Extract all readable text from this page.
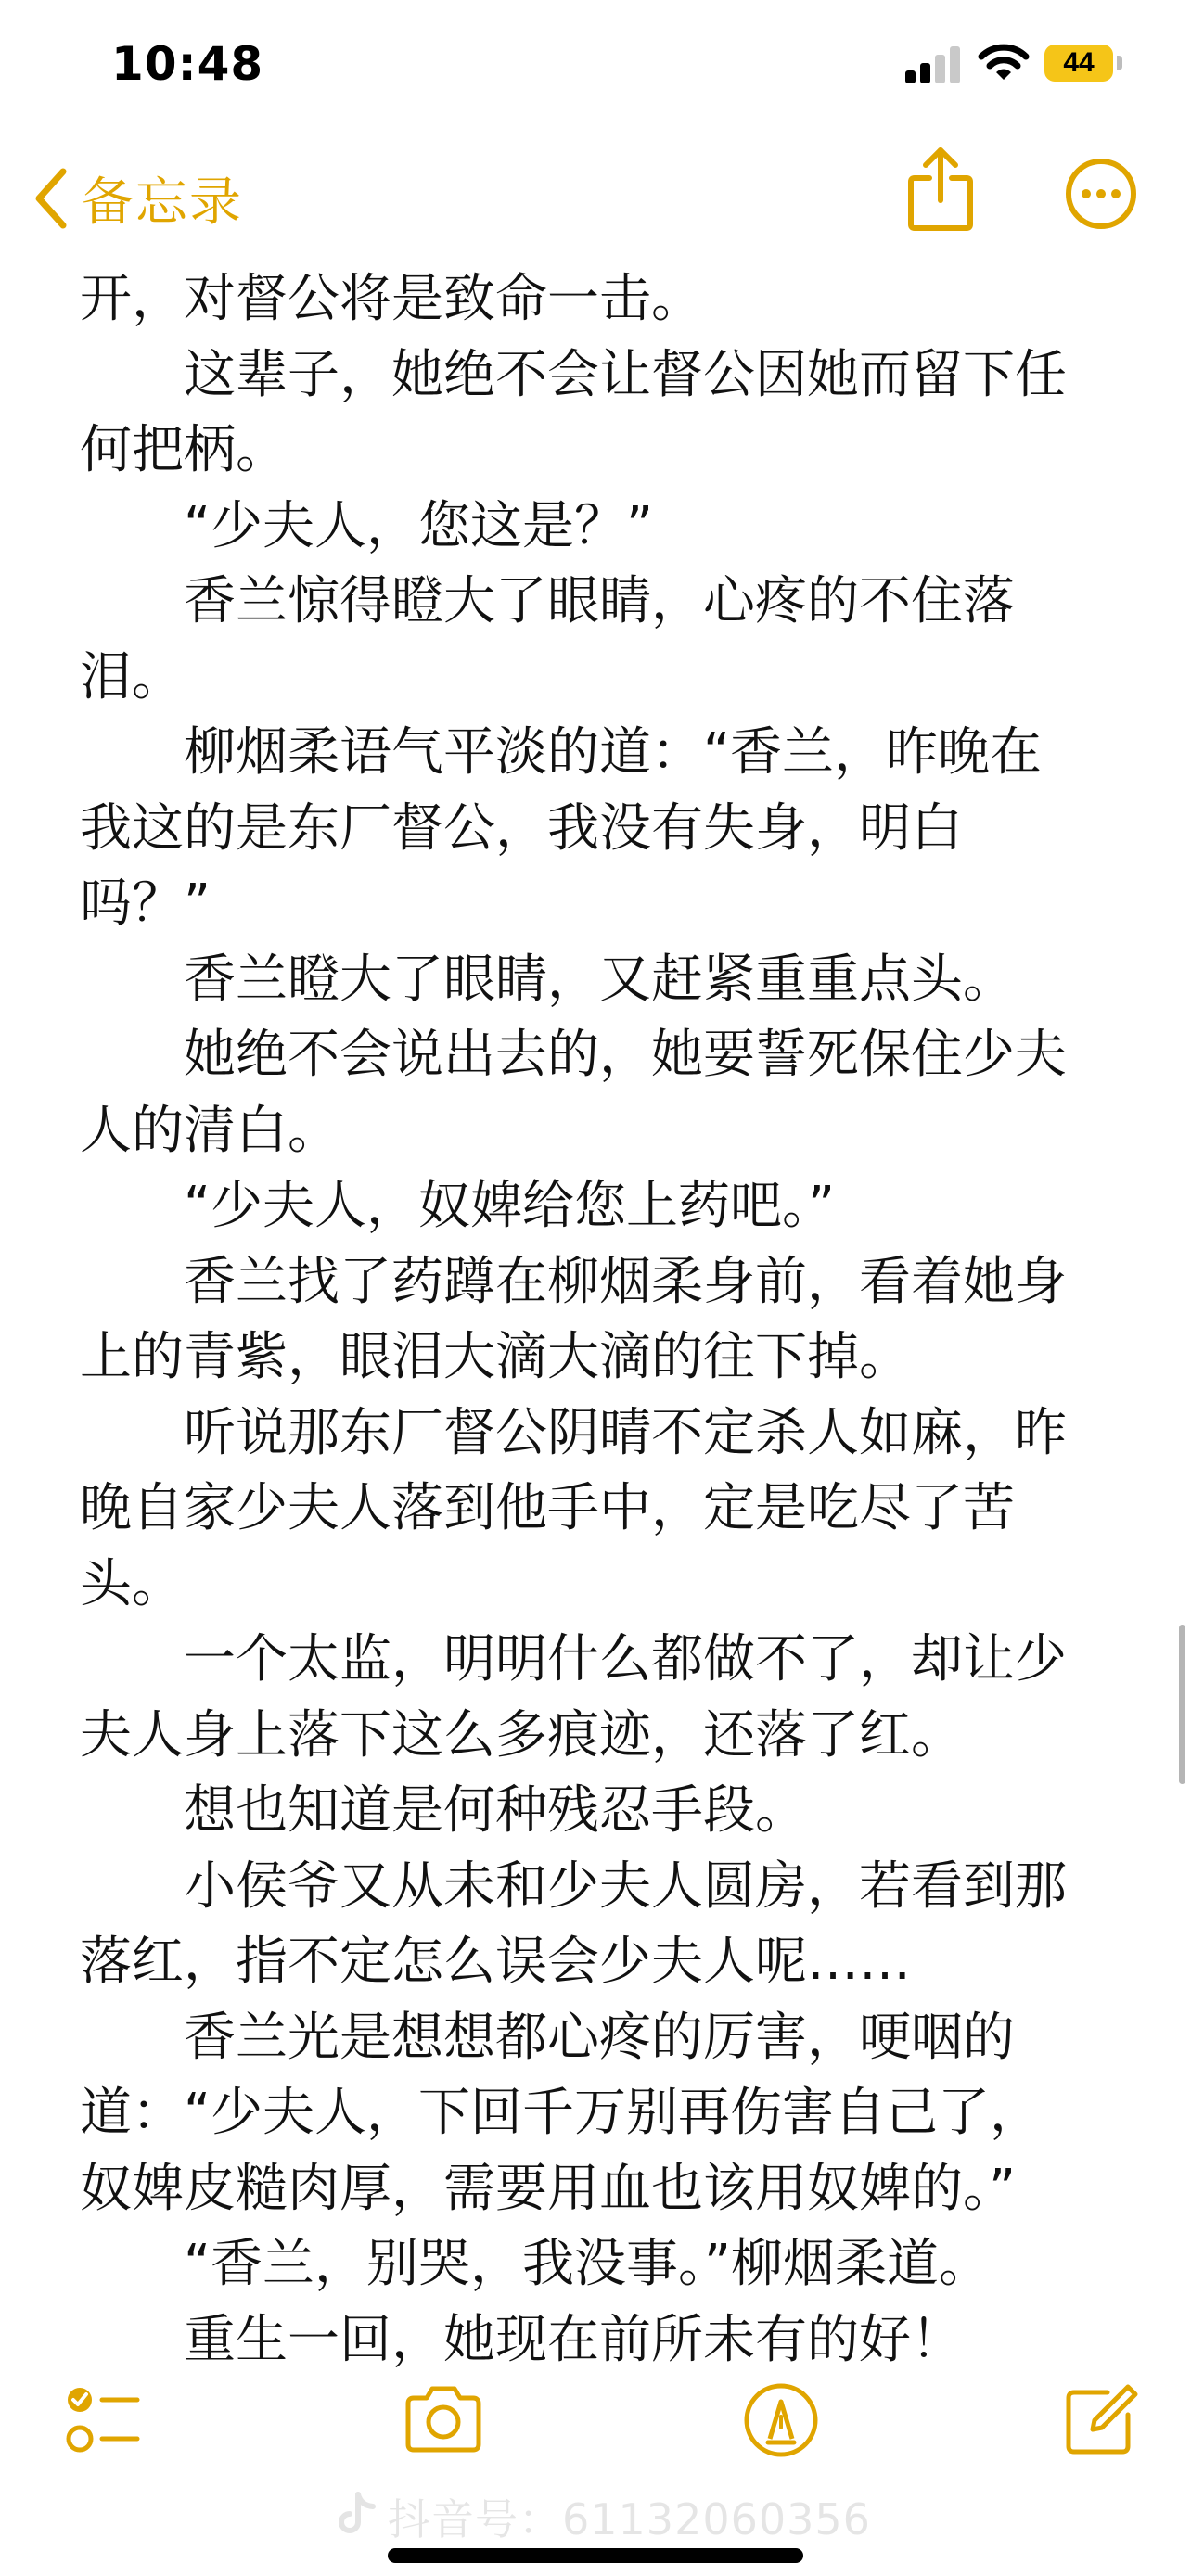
10:48	44
备忘录
开，对督公将是致命一击。
　　这辈子，她绝不会让督公因她而留下任
何把柄。
　　“少夫人，您这是？”
　　香兰惊得瞪大了眼睛，心疼的不住落
泪。
　　柳烟柔语气平淡的道：“香兰，昨晚在
我这的是东厂督公，我没有失身，明白
吗？”
　　香兰瞪大了眼睛，又赶紧重重点头。
　　她绝不会说出去的，她要誓死保住少夫
人的清白。
　　“少夫人，奴婢给您上药吧。”
　　香兰找了药蹲在柳烟柔身前，看着她身
上的青紫，眼泪大滴大滴的往下掉。
　　听说那东厂督公阴晴不定杀人如麻，昨
晚自家少夫人落到他手中，定是吃尽了苦
头。
　　一个太监，明明什么都做不了，却让少
夫人身上落下这么多痕迹，还落了红。
　　想也知道是何种残忍手段。
　　小侯爷又从未和少夫人圆房，若看到那
落红，指不定怎么误会少夫人呢……
　　香兰光是想想都心疼的厉害，哽咽的
道：“少夫人，下回千万别再伤害自己了，
奴婢皮糙肉厚，需要用血也该用奴婢的。”
　　“香兰，别哭，我没事。”柳烟柔道。
　　重生一回，她现在前所未有的好！
抖音号：61132060356
